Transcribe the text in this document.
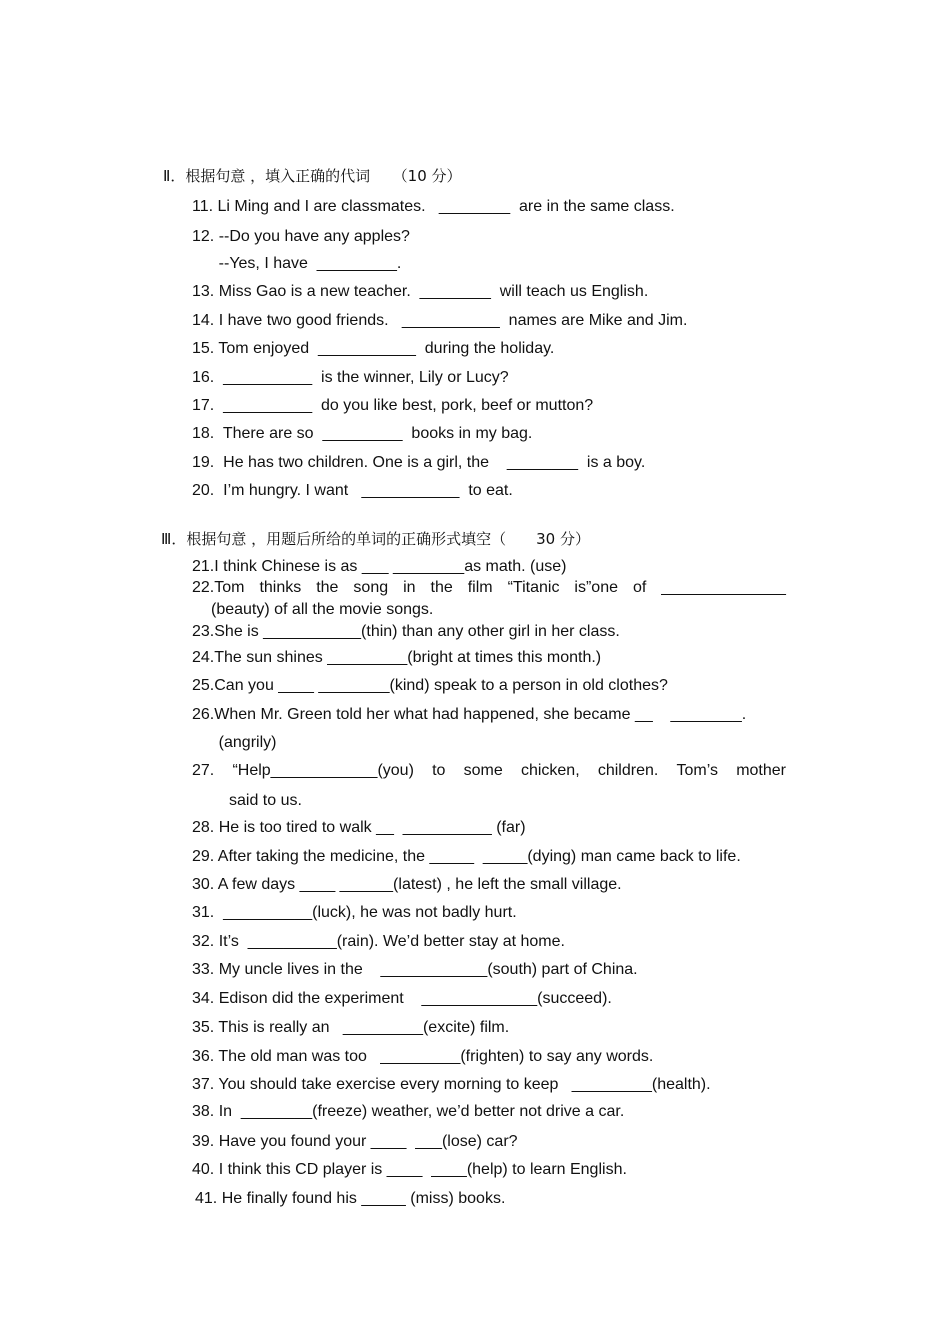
Ⅱ．根据句意 ，填入正确的代词　　（10 分）
11. Li Ming and I are classmates.   ________  are in the same class.
12. --Do you have any apples?
--Yes, I have  _________.
13. Miss Gao is a new teacher.  ________  will teach us English.
14. I have two good friends.   ___________  names are Mike and Jim.
15. Tom enjoyed  ___________  during the holiday.
16.  __________  is the winner, Lily or Lucy?
17.  __________  do you like best, pork, beef or mutton?
18.  There are so  _________  books in my bag.
19.  He has two children. One is a girl, the    ________  is a boy.
20.  I’m hungry. I want   ___________  to eat.
Ⅲ．根据句意 ，用题后所给的单词的正确形式填空（　　30 分）
21.I think Chinese is as ___ ________as math. (use)
22.Tom thinks the song in the film “Titanic is”one of ______________
(beauty) of all the movie songs.
23.She is ___________(thin) than any other girl in her class.
24.The sun shines _________(bright at times this month.)
25.Can you ____ ________(kind) speak to a person in old clothes?
26.When Mr. Green told her what had happened, she became __    ________.
(angrily)
27. “Help____________(you) to some chicken, children. Tom’s mother
said to us.
28. He is too tired to walk __  __________ (far)
29. After taking the medicine, the _____  _____(dying) man came back to life.
30. A few days ____ ______(latest) , he left the small village.
31.  __________(luck), he was not badly hurt.
32. It’s  __________(rain). We’d better stay at home.
33. My uncle lives in the    ____________(south) part of China.
34. Edison did the experiment    _____________(succeed).
35. This is really an   _________(excite) film.
36. The old man was too   _________(frighten) to say any words.
37. You should take exercise every morning to keep   _________(health).
38. In  ________(freeze) weather, we’d better not drive a car.
39. Have you found your ____  ___(lose) car?
40. I think this CD player is ____  ____(help) to learn English.
41. He finally found his _____ (miss) books.
